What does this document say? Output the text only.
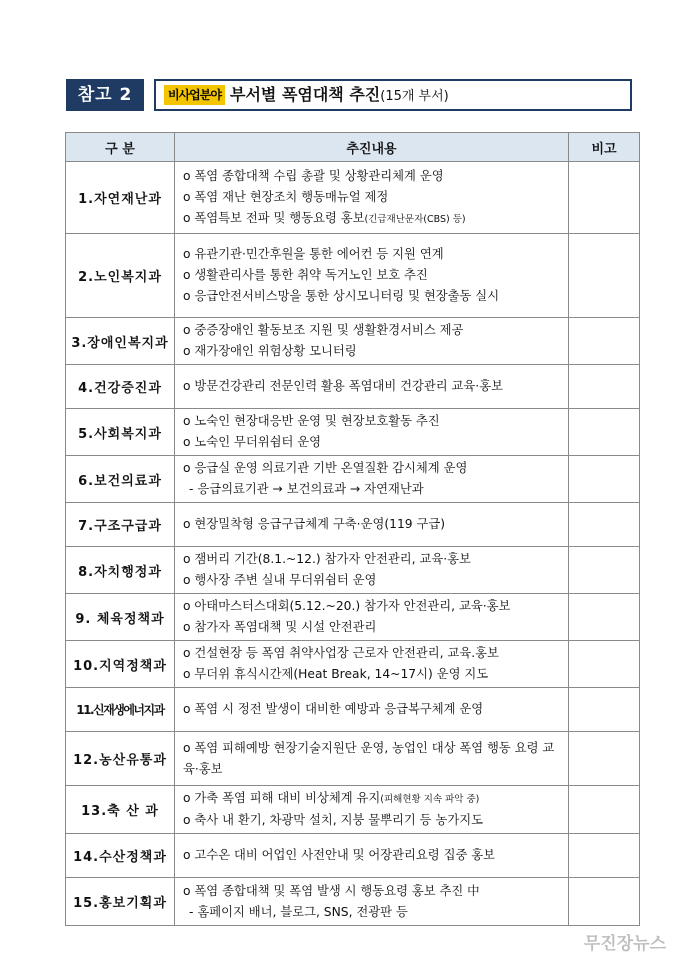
참고 2	비사업분야 부서별 폭염대책 추진(15개 부서)
구 분	추진내용	비고
1.자연재난과	o 폭염 종합대책 수립 총괄 및 상황관리체계 운영
o 폭염 재난 현장조치 행동매뉴얼 제정
o 폭염특보 전파 및 행동요령 홍보(긴급재난문자(CBS) 등)	

2.노인복지과	o 유관기관·민간후원을 통한 에어컨 등 지원 연계
o 생활관리사를 통한 취약 독거노인 보호 추진
o 응급안전서비스망을 통한 상시모니터링 및 현장출동 실시	

3.장애인복지과	o 중증장애인 활동보조 지원 및 생활환경서비스 제공
o 재가장애인 위험상황 모니터링	

4.건강증진과	o 방문건강관리 전문인력 활용 폭염대비 건강관리 교육·홍보	

5.사회복지과	o 노숙인 현장대응반 운영 및 현장보호활동 추진
o 노숙인 무더위쉼터 운영	

6.보건의료과	o 응급실 운영 의료기관 기반 온열질환 감시체계 운영
- 응급의료기관 → 보건의료과 → 자연재난과	

7.구조구급과	o 현장밀착형 응급구급체계 구축·운영(119 구급)	

8.자치행정과	o 잼버리 기간(8.1.~12.) 참가자 안전관리, 교육·홍보
o 행사장 주변 실내 무더위쉼터 운영	

9. 체육정책과	o 아태마스터스대회(5.12.~20.) 참가자 안전관리, 교육·홍보
o 참가자 폭염대책 및 시설 안전관리	

10.지역정책과	o 건설현장 등 폭염 취약사업장 근로자 안전관리, 교육.홍보
o 무더위 휴식시간제(Heat Break, 14~17시) 운영 지도	

11.신재생에너지과	o 폭염 시 정전 발생이 대비한 예방과 응급복구체계 운영	

12.농산유통과	o 폭염 피해예방 현장기술지원단 운영, 농업인 대상 폭염 행동 요령 교육·홍보	

13.축 산 과	o 가축 폭염 피해 대비 비상체계 유지(피해현황 지속 파악 중)
o 축사 내 환기, 차광막 설치, 지붕 물뿌리기 등 농가지도	

14.수산정책과	o 고수온 대비 어업인 사전안내 및 어장관리요령 집중 홍보	

15.홍보기획과	o 폭염 종합대책 및 폭염 발생 시 행동요령 홍보 추진 中
- 홈페이지 배너, 블로그, SNS, 전광판 등	

무진장뉴스
